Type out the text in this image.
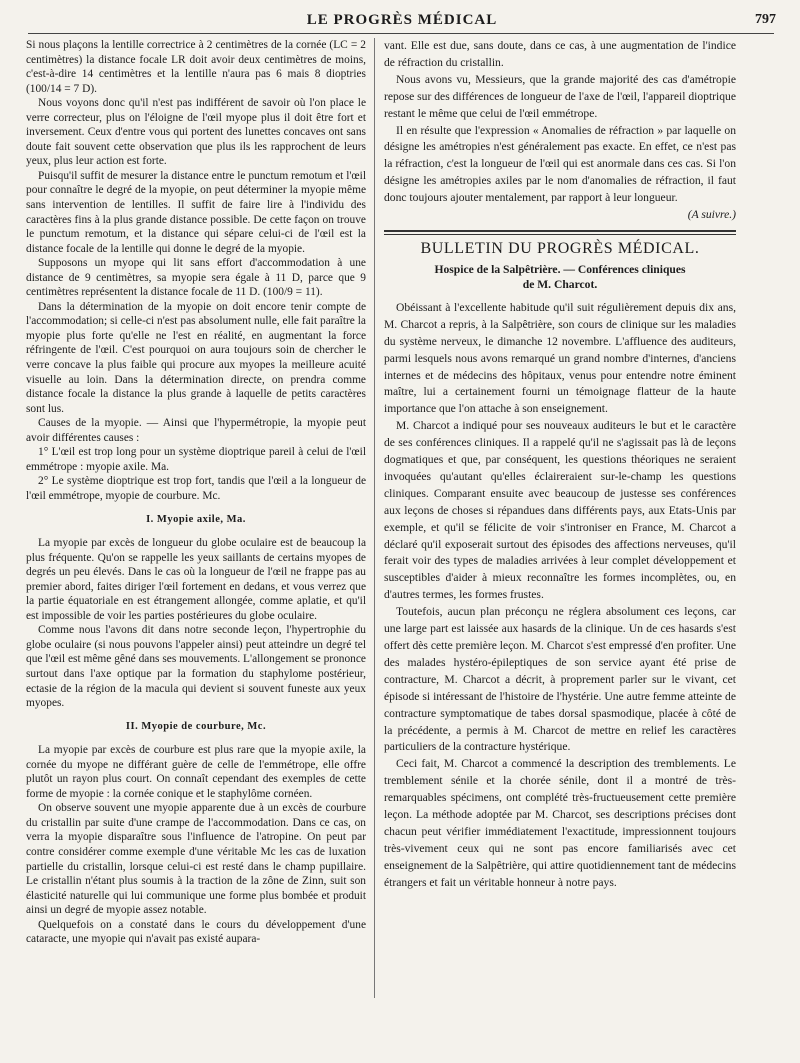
LE PROGRÈS MÉDICAL	797

Si nous plaçons la lentille correctrice à 2 centimètres de la cornée (LC = 2 centimètres) la distance focale LR doit avoir deux centimètres de moins, c'est-à-dire 14 centimètres et la lentille n'aura pas 6 mais 8 dioptries (100/14 = 7 D).

Nous voyons donc qu'il n'est pas indifférent de savoir où l'on place le verre correcteur, plus on l'éloigne de l'œil myope plus il doit être fort et inversement. Ceux d'entre vous qui portent des lunettes concaves ont sans doute fait souvent cette observation que plus ils les rapprochent de leurs yeux, plus leur action est forte.

Puisqu'il suffit de mesurer la distance entre le punctum remotum et l'œil pour connaître le degré de la myopie, on peut déterminer la myopie même sans intervention de lentilles. Il suffit de faire lire à l'individu des caractères fins à la plus grande distance possible. De cette façon on trouve le punctum remotum, et la distance qui sépare celui-ci de l'œil est la distance focale de la lentille qui donne le degré de la myopie.

Supposons un myope qui lit sans effort d'accommodation à une distance de 9 centimètres, sa myopie sera égale à 11 D, parce que 9 centimètres représentent la distance focale de 11 D. (100/9 = 11).

Dans la détermination de la myopie on doit encore tenir compte de l'accommodation; si celle-ci n'est pas absolument nulle, elle fait paraître la myopie plus forte qu'elle ne l'est en réalité, en augmentant la force réfringente de l'œil. C'est pourquoi on aura toujours soin de chercher le verre concave la plus faible qui procure aux myopes la meilleure acuité visuelle au loin. Dans la détermination directe, on prendra comme distance focale la distance la plus grande à laquelle de petits caractères sont lus.

Causes de la myopie. — Ainsi que l'hypermétropie, la myopie peut avoir différentes causes :

1° L'œil est trop long pour un système dioptrique pareil à celui de l'œil emmétrope : myopie axile. Ma.

2° Le système dioptrique est trop fort, tandis que l'œil a la longueur de l'œil emmétrope, myopie de courbure. Mc.

I. Myopie axile, Ma.

La myopie par excès de longueur du globe oculaire est de beaucoup la plus fréquente. Qu'on se rappelle les yeux saillants de certains myopes de degrés un peu élevés. Dans le cas où la longueur de l'œil ne frappe pas au premier abord, faites diriger l'œil fortement en dedans, et vous verrez que la partie équatoriale en est étrangement allongée, comme aplatie, et qu'il est impossible de voir les parties postérieures du globe oculaire.

Comme nous l'avons dit dans notre seconde leçon, l'hypertrophie du globe oculaire (si nous pouvons l'appeler ainsi) peut atteindre un degré tel que l'œil est même gêné dans ses mouvements. L'allongement se prononce surtout dans l'axe optique par la formation du staphylome postérieur, ectasie de la région de la macula qui devient si souvent funeste aux yeux myopes.

II. Myopie de courbure, Mc.

La myopie par excès de courbure est plus rare que la myopie axile, la cornée du myope ne différant guère de celle de l'emmétrope, elle offre plutôt un rayon plus court. On connaît cependant des exemples de cette forme de myopie : la cornée conique et le staphylôme cornéen.

On observe souvent une myopie apparente due à un excès de courbure du cristallin par suite d'une crampe de l'accommodation. Dans ce cas, on verra la myopie disparaître sous l'influence de l'atropine. On peut par contre considérer comme exemple d'une véritable Mc les cas de luxation partielle du cristallin, lorsque celui-ci est resté dans le champ pupillaire. Le cristallin n'étant plus soumis à la traction de la zône de Zinn, suit son élasticité naturelle qui lui communique une forme plus bombée et produit ainsi un degré de myopie assez notable.

Quelquefois on a constaté dans le cours du développement d'une cataracte, une myopie qui n'avait pas existé aupara-

vant. Elle est due, sans doute, dans ce cas, à une augmentation de l'indice de réfraction du cristallin.

Nous avons vu, Messieurs, que la grande majorité des cas d'amétropie repose sur des différences de longueur de l'axe de l'œil, l'appareil dioptrique restant le même que celui de l'œil emmétrope.

Il en résulte que l'expression « Anomalies de réfraction » par laquelle on désigne les amétropies n'est généralement pas exacte. En effet, ce n'est pas la réfraction, c'est la longueur de l'œil qui est anormale dans ces cas. Si l'on désigne les amétropies axiles par le nom d'anomalies de réfraction, il faut donc toujours ajouter mentalement, par rapport à leur longueur.

(A suivre.)
BULLETIN DU PROGRÈS MÉDICAL.
Hospice de la Salpêtrière. — Conférences cliniques
de M. Charcot.

Obéissant à l'excellente habitude qu'il suit régulièrement depuis dix ans, M. Charcot a repris, à la Salpêtrière, son cours de clinique sur les maladies du système nerveux, le dimanche 12 novembre. L'affluence des auditeurs, parmi lesquels nous avons remarqué un grand nombre d'internes, d'anciens internes et de médecins des hôpitaux, venus pour entendre notre éminent maître, lui a certainement fourni un témoignage flatteur de la haute importance que l'on attache à son enseignement.

M. Charcot a indiqué pour ses nouveaux auditeurs le but et le caractère de ses conférences cliniques. Il a rappelé qu'il ne s'agissait pas là de leçons dogmatiques et que, par conséquent, les questions théoriques ne seraient invoquées qu'autant qu'elles éclaireraient sur-le-champ les questions cliniques. Comparant ensuite avec beaucoup de justesse ses conférences aux leçons de choses si répandues dans différents pays, aux Etats-Unis par exemple, et qu'il se félicite de voir s'introniser en France, M. Charcot a déclaré qu'il exposerait surtout des épisodes des affections nerveuses, qu'il ferait voir des types de maladies arrivées à leur complet développement et susceptibles d'aider à mieux reconnaître les formes incomplètes, ou, en d'autres termes, les formes frustes.

Toutefois, aucun plan préconçu ne réglera absolument ces leçons, car une large part est laissée aux hasards de la clinique. Un de ces hasards s'est offert dès cette première leçon. M. Charcot s'est empressé d'en profiter. Une des malades hystéro-épileptiques de son service ayant été prise de contracture, M. Charcot a décrit, à proprement parler sur le vivant, cet épisode si intéressant de l'histoire de l'hystérie. Une autre femme atteinte de contracture symptomatique de tabes dorsal spasmodique, placée à côté de la précédente, a permis à M. Charcot de mettre en relief les caractères particuliers de la contracture hystérique.

Ceci fait, M. Charcot a commencé la description des tremblements. Le tremblement sénile et la chorée sénile, dont il a montré de très-remarquables spécimens, ont complété très-fructueusement cette première leçon. La méthode adoptée par M. Charcot, ses descriptions précises dont chacun peut vérifier immédiatement l'exactitude, impressionnent toujours très-vivement ceux qui ne sont pas encore familiarisés avec cet enseignement de la Salpêtrière, qui attire quotidiennement tant de médecins étrangers et fait un véritable honneur à notre pays.
